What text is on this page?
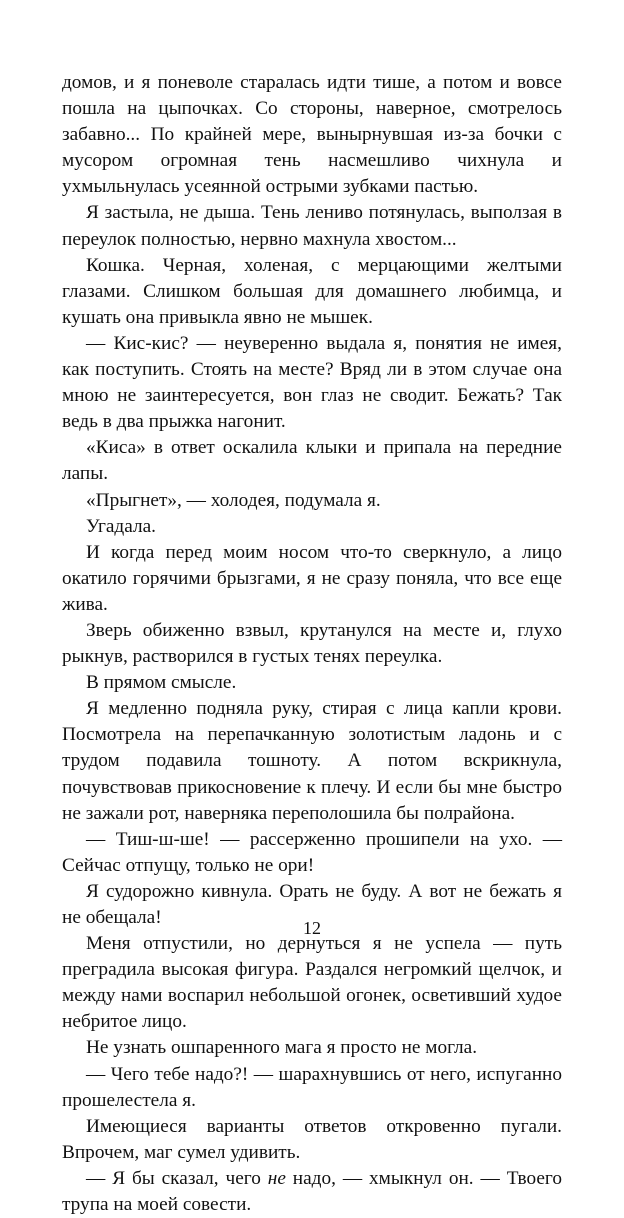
домов, и я поневоле старалась идти тише, а потом и вовсе пошла на цыпочках. Со стороны, наверное, смотрелось забавно... По крайней мере, вынырнувшая из-за бочки с мусором огромная тень насмешливо чихнула и ухмыльнулась усеянной острыми зубками пастью.

Я застыла, не дыша. Тень лениво потянулась, выползая в переулок полностью, нервно махнула хвостом...

Кошка. Черная, холеная, с мерцающими желтыми глазами. Слишком большая для домашнего любимца, и кушать она привыкла явно не мышек.

— Кис-кис? — неуверенно выдала я, понятия не имея, как поступить. Стоять на месте? Вряд ли в этом случае она мною не заинтересуется, вон глаз не сводит. Бежать? Так ведь в два прыжка нагонит.

«Киса» в ответ оскалила клыки и припала на передние лапы.

«Прыгнет», — холодея, подумала я.

Угадала.

И когда перед моим носом что-то сверкнуло, а лицо окатило горячими брызгами, я не сразу поняла, что все еще жива.

Зверь обиженно взвыл, крутанулся на месте и, глухо рыкнув, растворился в густых тенях переулка.

В прямом смысле.

Я медленно подняла руку, стирая с лица капли крови. Посмотрела на перепачканную золотистым ладонь и с трудом подавила тошноту. А потом вскрикнула, почувствовав прикосновение к плечу. И если бы мне быстро не зажали рот, наверняка переполошила бы полрайона.

— Тиш-ш-ше! — рассерженно прошипели на ухо. — Сейчас отпущу, только не ори!

Я судорожно кивнула. Орать не буду. А вот не бежать я не обещала!

Меня отпустили, но дернуться я не успела — путь преградила высокая фигура. Раздался негромкий щелчок, и между нами воспарил небольшой огонек, осветивший худое небритое лицо.

Не узнать ошпаренного мага я просто не могла.

— Чего тебе надо?! — шарахнувшись от него, испуганно прошелестела я.

Имеющиеся варианты ответов откровенно пугали. Впрочем, маг сумел удивить.

— Я бы сказал, чего не надо, — хмыкнул он. — Твоего трупа на моей совести.

12
